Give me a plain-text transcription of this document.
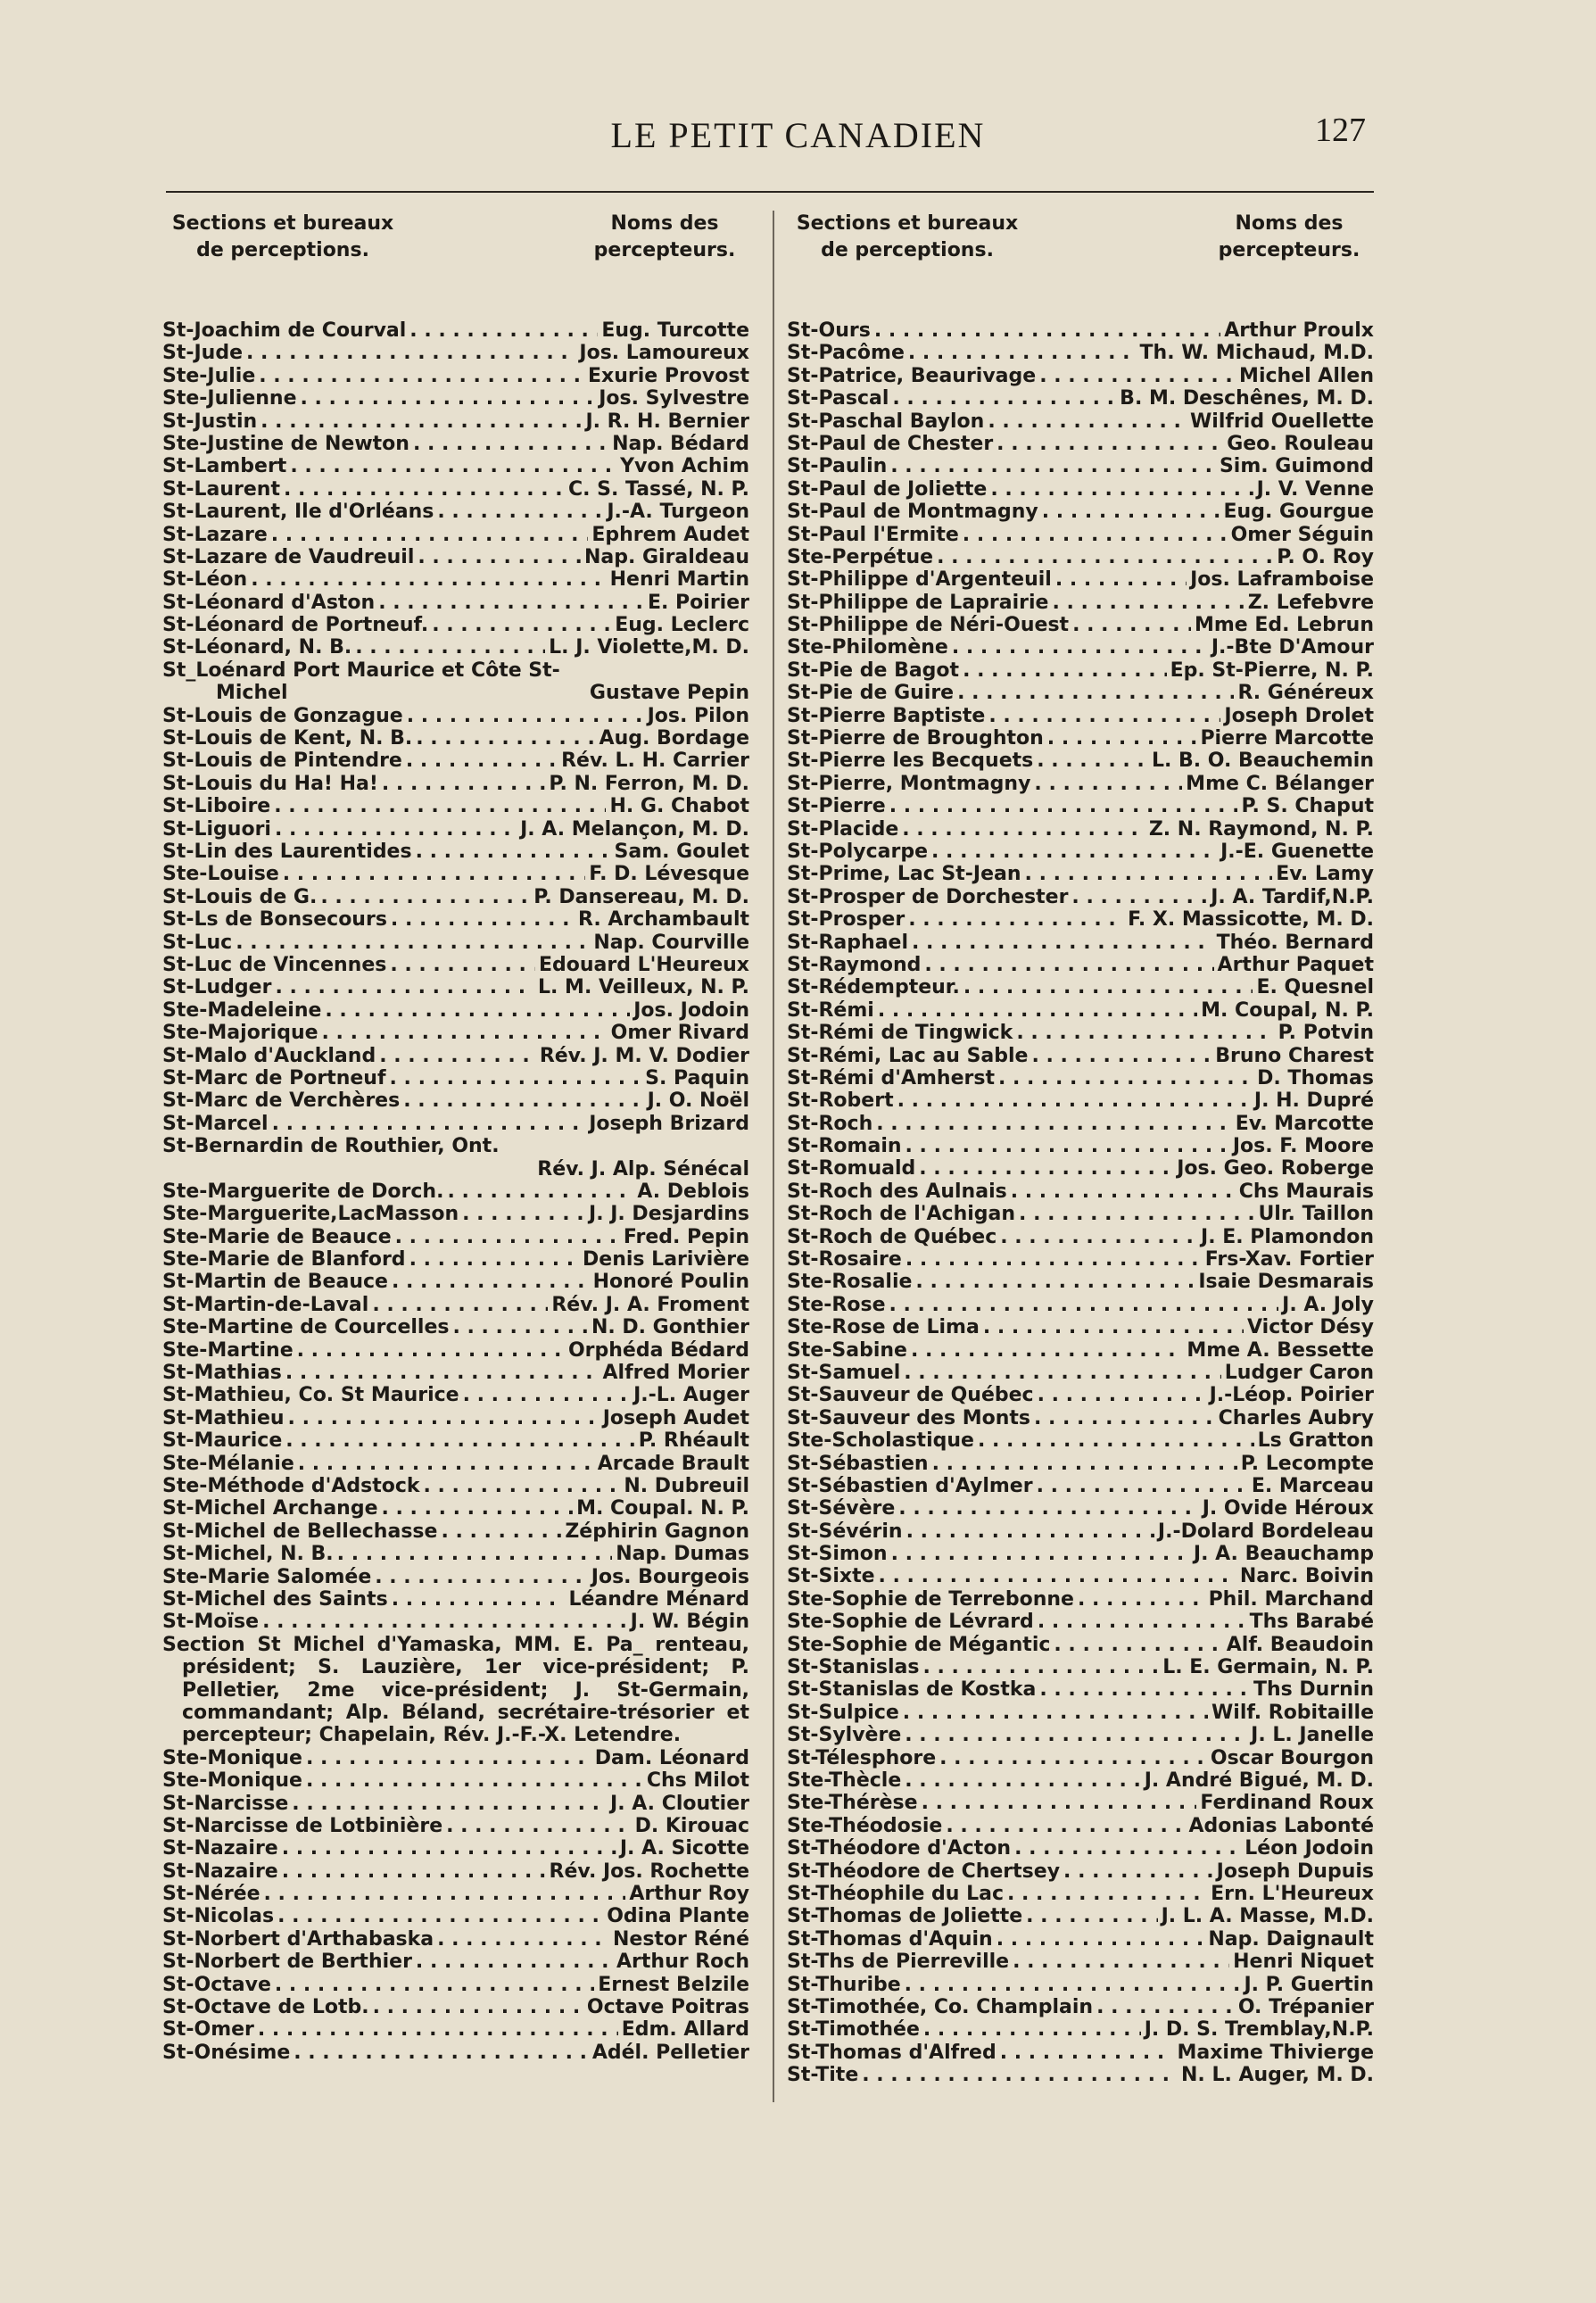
LE PETIT CANADIEN	127
Sections et bureaux
de perceptions.
Noms des
percepteurs.
St-Joachim de Courval . . .	Eug. Turcotte
St-Jude . . .	Jos. Lamoureux
Ste-Julie . . .	Exurie Provost
Ste-Julienne . . .	Jos. Sylvestre
St-Justin . . .	J. R. H. Bernier
Ste-Justine de Newton . . .	Nap. Bédard
St-Lambert . . .	Yvon Achim
St-Laurent . . .	C. S. Tassé, N. P.
St-Laurent, Ile d'Orléans . . .	J.-A. Turgeon
St-Lazare . . .	Ephrem Audet
St-Lazare de Vaudreuil . . .	Nap. Giraldeau
St-Léon . . .	Henri Martin
St-Léonard d'Aston . . .	E. Poirier
St-Léonard de Portneuf. . . .	Eug. Leclerc
St-Léonard, N. B. . . .	L. J. Violette,M. D.
St_Loénard Port Maurice et Côte St-
Michel	Gustave Pepin
St-Louis de Gonzague . . .	Jos. Pilon
St-Louis de Kent, N. B. . . .	Aug. Bordage
St-Louis de Pintendre . . .	Rév. L. H. Carrier
St-Louis du Ha! Ha! . . .	P. N. Ferron, M. D.
St-Liboire . . .	H. G. Chabot
St-Liguori . . .	J. A. Melançon, M. D.
St-Lin des Laurentides . . .	Sam. Goulet
Ste-Louise . . .	F. D. Lévesque
St-Louis de G. . . .	P. Dansereau, M. D.
St-Ls de Bonsecours . . .	R. Archambault
St-Luc . . .	Nap. Courville
St-Luc de Vincennes . . .	Edouard L'Heureux
St-Ludger . . .	L. M. Veilleux, N. P.
Ste-Madeleine . . .	Jos. Jodoin
Ste-Majorique . . .	Omer Rivard
St-Malo d'Auckland . . .	Rév. J. M. V. Dodier
St-Marc de Portneuf . . .	S. Paquin
St-Marc de Verchères . . .	J. O. Noël
St-Marcel . . .	Joseph Brizard
St-Bernardin de Routhier, Ont.
Rév. J. Alp. Sénécal
Ste-Marguerite de Dorch. . . .	A. Deblois
Ste-Marguerite,LacMasson . . .	J. J. Desjardins
Ste-Marie de Beauce . . .	Fred. Pepin
Ste-Marie de Blanford . . .	Denis Larivière
St-Martin de Beauce . . .	Honoré Poulin
St-Martin-de-Laval . . .	Rév. J. A. Froment
Ste-Martine de Courcelles . . .	N. D. Gonthier
Ste-Martine . . .	Orphéda Bédard
St-Mathias . . .	Alfred Morier
St-Mathieu, Co. St Maurice . . .	J.-L. Auger
St-Mathieu . . .	Joseph Audet
St-Maurice . . .	P. Rhéault
Ste-Mélanie . . .	Arcade Brault
Ste-Méthode d'Adstock . . .	N. Dubreuil
St-Michel Archange . . .	M. Coupal. N. P.
St-Michel de Bellechasse . . .	Zéphirin Gagnon
St-Michel, N. B. . . .	Nap. Dumas
Ste-Marie Salomée . . .	Jos. Bourgeois
St-Michel des Saints . . .	Léandre Ménard
St-Moïse . . .	J. W. Bégin
Section St Michel d'Yamaska, MM. E. Pa_ renteau, président; S. Lauzière, 1er vice-président; P. Pelletier, 2me vice-président; J. St-Germain, commandant; Alp. Béland, secrétaire-trésorier et percepteur; Chapelain, Rév. J.-F.-X. Letendre.
Ste-Monique . . .	Dam. Léonard
Ste-Monique . . .	Chs Milot
St-Narcisse . . .	J. A. Cloutier
St-Narcisse de Lotbinière . . .	D. Kirouac
St-Nazaire . . .	J. A. Sicotte
St-Nazaire . . .	Rév. Jos. Rochette
St-Nérée . . .	Arthur Roy
St-Nicolas . . .	Odina Plante
St-Norbert d'Arthabaska . . .	Nestor Réné
St-Norbert de Berthier . . .	Arthur Roch
St-Octave . . .	Ernest Belzile
St-Octave de Lotb. . . .	Octave Poitras
St-Omer . . .	Edm. Allard
St-Onésime . . .	Adél. Pelletier
Sections et bureaux
de perceptions.
Noms des
percepteurs.
St-Ours . . .	Arthur Proulx
St-Pacôme . . .	Th. W. Michaud, M.D.
St-Patrice, Beaurivage . . .	Michel Allen
St-Pascal . . .	B. M. Deschênes, M. D.
St-Paschal Baylon . . .	Wilfrid Ouellette
St-Paul de Chester . . .	Geo. Rouleau
St-Paulin . . .	Sim. Guimond
St-Paul de Joliette . . .	J. V. Venne
St-Paul de Montmagny . . .	Eug. Gourgue
St-Paul l'Ermite . . .	Omer Séguin
Ste-Perpétue . . .	P. O. Roy
St-Philippe d'Argenteuil . . .	Jos. Laframboise
St-Philippe de Laprairie . . .	Z. Lefebvre
St-Philippe de Néri-Ouest . . .	Mme Ed. Lebrun
Ste-Philomène . . .	J.-Bte D'Amour
St-Pie de Bagot . . .	Ep. St-Pierre, N. P.
St-Pie de Guire . . .	R. Généreux
St-Pierre Baptiste . . .	Joseph Drolet
St-Pierre de Broughton . . .	Pierre Marcotte
St-Pierre les Becquets . . .	L. B. O. Beauchemin
St-Pierre, Montmagny . . .	Mme C. Bélanger
St-Pierre . . .	P. S. Chaput
St-Placide . . .	Z. N. Raymond, N. P.
St-Polycarpe . . .	J.-E. Guenette
St-Prime, Lac St-Jean . . .	Ev. Lamy
St-Prosper de Dorchester . . .	J. A. Tardif,N.P.
St-Prosper . . .	F. X. Massicotte, M. D.
St-Raphael . . .	Théo. Bernard
St-Raymond . . .	Arthur Paquet
St-Rédempteur. . . .	E. Quesnel
St-Rémi . . .	M. Coupal, N. P.
St-Rémi de Tingwick . . .	P. Potvin
St-Rémi, Lac au Sable . . .	Bruno Charest
St-Rémi d'Amherst . . .	D. Thomas
St-Robert . . .	J. H. Dupré
St-Roch . . .	Ev. Marcotte
St-Romain . . .	Jos. F. Moore
St-Romuald . . .	Jos. Geo. Roberge
St-Roch des Aulnais . . .	Chs Maurais
St-Roch de l'Achigan . . .	Ulr. Taillon
St-Roch de Québec . . .	J. E. Plamondon
St-Rosaire . . .	Frs-Xav. Fortier
Ste-Rosalie . . .	Isaie Desmarais
Ste-Rose . . .	J. A. Joly
Ste-Rose de Lima . . .	Victor Désy
Ste-Sabine . . .	Mme A. Bessette
St-Samuel . . .	Ludger Caron
St-Sauveur de Québec . . .	J.-Léop. Poirier
St-Sauveur des Monts . . .	Charles Aubry
Ste-Scholastique . . .	Ls Gratton
St-Sébastien . . .	P. Lecompte
St-Sébastien d'Aylmer . . .	E. Marceau
St-Sévère . . .	J. Ovide Héroux
St-Sévérin . . .	J.-Dolard Bordeleau
St-Simon . . .	J. A. Beauchamp
St-Sixte . . .	Narc. Boivin
Ste-Sophie de Terrebonne . . .	Phil. Marchand
Ste-Sophie de Lévrard . . .	Ths Barabé
Ste-Sophie de Mégantic . . .	Alf. Beaudoin
St-Stanislas . . .	L. E. Germain, N. P.
St-Stanislas de Kostka . . .	Ths Durnin
St-Sulpice . . .	Wilf. Robitaille
St-Sylvère . . .	J. L. Janelle
St-Télesphore . . .	Oscar Bourgon
Ste-Thècle . . .	J. André Bigué, M. D.
Ste-Thérèse . . .	Ferdinand Roux
Ste-Théodosie . . .	Adonias Labonté
St-Théodore d'Acton . . .	Léon Jodoin
St-Théodore de Chertsey . . .	Joseph Dupuis
St-Théophile du Lac . . .	Ern. L'Heureux
St-Thomas de Joliette . . .	J. L. A. Masse, M.D.
St-Thomas d'Aquin . . .	Nap. Daignault
St-Ths de Pierreville . . .	Henri Niquet
St-Thuribe . . .	J. P. Guertin
St-Timothée, Co. Champlain . . .	O. Trépanier
St-Timothée . . .	J. D. S. Tremblay,N.P.
St-Thomas d'Alfred . . .	Maxime Thivierge
St-Tite . . .	N. L. Auger, M. D.
